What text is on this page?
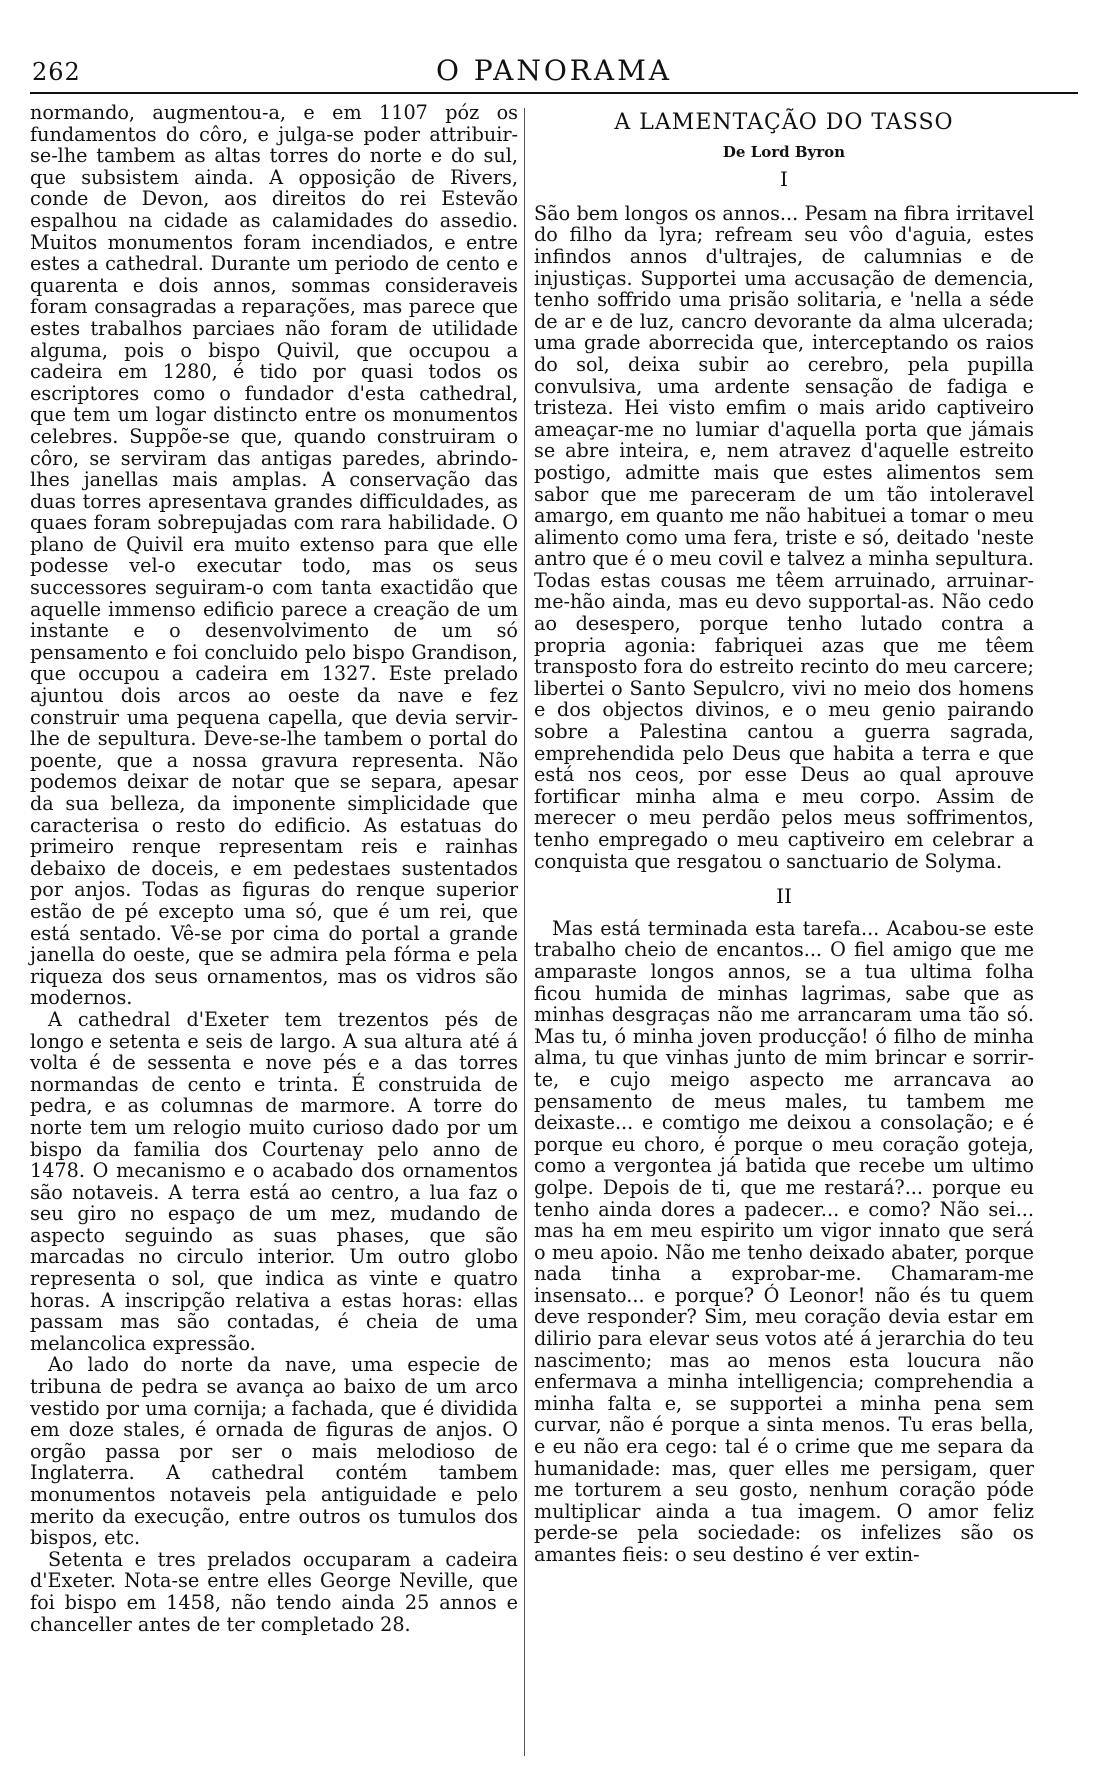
262	O PANORAMA

normando, augmentou-a, e em 1107 póz os fundamentos do côro, e julga-se poder attribuir-se-lhe tambem as altas torres do norte e do sul, que subsistem ainda. A opposição de Rivers, conde de Devon, aos direitos do rei Estevão espalhou na cidade as calamidades do assedio. Muitos monumentos foram incendiados, e entre estes a cathedral. Durante um periodo de cento e quarenta e dois annos, sommas consideraveis foram consagradas a reparações, mas parece que estes trabalhos parciaes não foram de utilidade alguma, pois o bispo Quivil, que occupou a cadeira em 1280, é tido por quasi todos os escriptores como o fundador d'esta cathedral, que tem um logar distincto entre os monumentos celebres. Suppõe-se que, quando construiram o côro, se serviram das antigas paredes, abrindo-lhes janellas mais amplas. A conservação das duas torres apresentava grandes difficuldades, as quaes foram sobrepujadas com rara habilidade. O plano de Quivil era muito extenso para que elle podesse vel-o executar todo, mas os seus successores seguiram-o com tanta exactidão que aquelle immenso edificio parece a creação de um instante e o desenvolvimento de um só pensamento e foi concluido pelo bispo Grandison, que occupou a cadeira em 1327. Este prelado ajuntou dois arcos ao oeste da nave e fez construir uma pequena capella, que devia servir-lhe de sepultura. Deve-se-lhe tambem o portal do poente, que a nossa gravura representa. Não podemos deixar de notar que se separa, apesar da sua belleza, da imponente simplicidade que caracterisa o resto do edificio. As estatuas do primeiro renque representam reis e rainhas debaixo de doceis, e em pedestaes sustentados por anjos. Todas as figuras do renque superior estão de pé excepto uma só, que é um rei, que está sentado. Vê-se por cima do portal a grande janella do oeste, que se admira pela fórma e pela riqueza dos seus ornamentos, mas os vidros são modernos.

A cathedral d'Exeter tem trezentos pés de longo e setenta e seis de largo. A sua altura até á volta é de sessenta e nove pés e a das torres normandas de cento e trinta. É construida de pedra, e as columnas de marmore. A torre do norte tem um relogio muito curioso dado por um bispo da familia dos Courtenay pelo anno de 1478. O mecanismo e o acabado dos ornamentos são notaveis. A terra está ao centro, a lua faz o seu giro no espaço de um mez, mudando de aspecto seguindo as suas phases, que são marcadas no circulo interior. Um outro globo representa o sol, que indica as vinte e quatro horas. A inscripção relativa a estas horas: ellas passam mas são contadas, é cheia de uma melancolica expressão.

Ao lado do norte da nave, uma especie de tribuna de pedra se avança ao baixo de um arco vestido por uma cornija; a fachada, que é dividida em doze stales, é ornada de figuras de anjos. O orgão passa por ser o mais melodioso de Inglaterra. A cathedral contém tambem monumentos notaveis pela antiguidade e pelo merito da execução, entre outros os tumulos dos bispos, etc.

Setenta e tres prelados occuparam a cadeira d'Exeter. Nota-se entre elles George Neville, que foi bispo em 1458, não tendo ainda 25 annos e chanceller antes de ter completado 28.

A LAMENTAÇÃO DO TASSO
De Lord Byron
I

São bem longos os annos... Pesam na fibra irritavel do filho da lyra; refream seu vôo d'aguia, estes infindos annos d'ultrajes, de calumnias e de injustiças. Supportei uma accusação de demencia, tenho soffrido uma prisão solitaria, e 'nella a séde de ar e de luz, cancro devorante da alma ulcerada; uma grade aborrecida que, interceptando os raios do sol, deixa subir ao cerebro, pela pupilla convulsiva, uma ardente sensação de fadiga e tristeza. Hei visto emfim o mais arido captiveiro ameaçar-me no lumiar d'aquella porta que jámais se abre inteira, e, nem atravez d'aquelle estreito postigo, admitte mais que estes alimentos sem sabor que me pareceram de um tão intoleravel amargo, em quanto me não habituei a tomar o meu alimento como uma fera, triste e só, deitado 'neste antro que é o meu covil e talvez a minha sepultura. Todas estas cousas me têem arruinado, arruinar-me-hão ainda, mas eu devo supportal-as. Não cedo ao desespero, porque tenho lutado contra a propria agonia: fabriquei azas que me têem transposto fora do estreito recinto do meu carcere; libertei o Santo Sepulcro, vivi no meio dos homens e dos objectos divinos, e o meu genio pairando sobre a Palestina cantou a guerra sagrada, emprehendida pelo Deus que habita a terra e que está nos ceos, por esse Deus ao qual aprouve fortificar minha alma e meu corpo. Assim de merecer o meu perdão pelos meus soffrimentos, tenho empregado o meu captiveiro em celebrar a conquista que resgatou o sanctuario de Solyma.

II

Mas está terminada esta tarefa... Acabou-se este trabalho cheio de encantos... O fiel amigo que me amparaste longos annos, se a tua ultima folha ficou humida de minhas lagrimas, sabe que as minhas desgraças não me arrancaram uma tão só. Mas tu, ó minha joven producção! ó filho de minha alma, tu que vinhas junto de mim brincar e sorrir-te, e cujo meigo aspecto me arrancava ao pensamento de meus males, tu tambem me deixaste... e comtigo me deixou a consolação; e é porque eu choro, é porque o meu coração goteja, como a vergontea já batida que recebe um ultimo golpe. Depois de ti, que me restará?... porque eu tenho ainda dores a padecer... e como? Não sei... mas ha em meu espirito um vigor innato que será o meu apoio. Não me tenho deixado abater, porque nada tinha a exprobar-me. Chamaram-me insensato... e porque? Ó Leonor! não és tu quem deve responder? Sim, meu coração devia estar em dilirio para elevar seus votos até á jerarchia do teu nascimento; mas ao menos esta loucura não enfermava a minha intelligencia; comprehendia a minha falta e, se supportei a minha pena sem curvar, não é porque a sinta menos. Tu eras bella, e eu não era cego: tal é o crime que me separa da humanidade: mas, quer elles me persigam, quer me torturem a seu gosto, nenhum coração póde multiplicar ainda a tua imagem. O amor feliz perde-se pela sociedade: os infelizes são os amantes fieis: o seu destino é ver extin-
